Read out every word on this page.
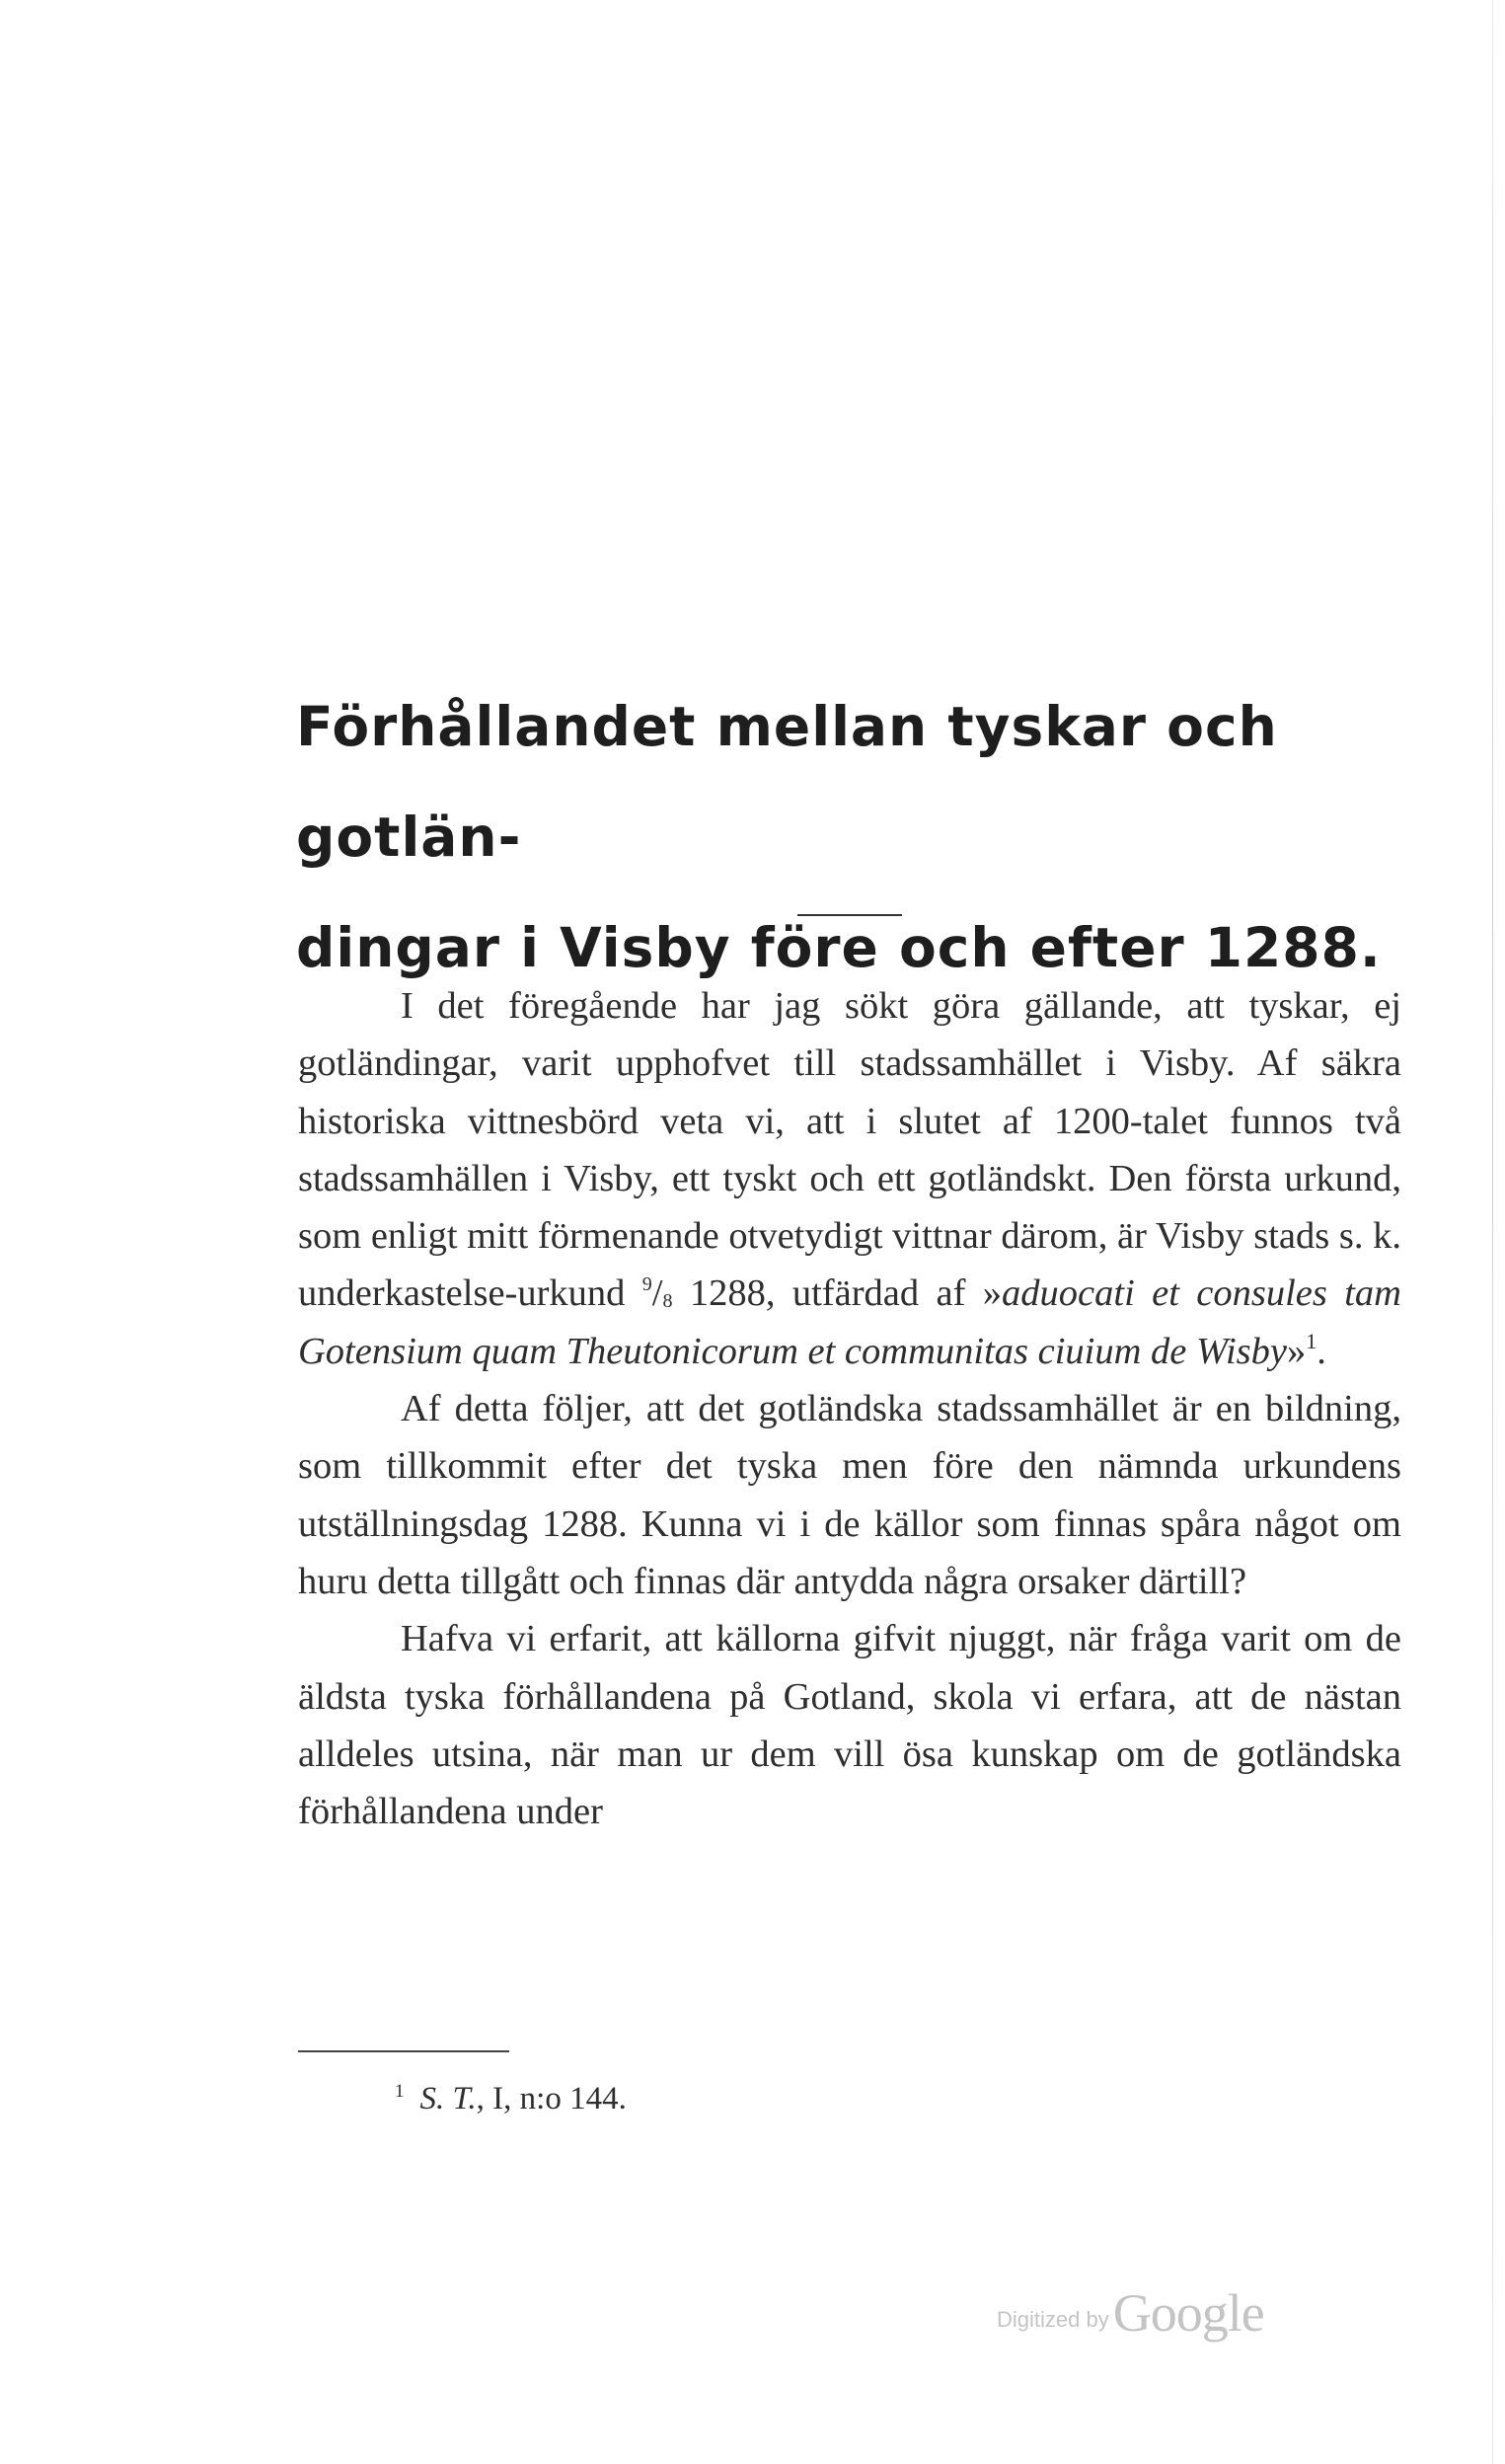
Förhållandet mellan tyskar och gotlän-
dingar i Visby före och efter 1288.

I det föregående har jag sökt göra gällande, att tyskar, ej gotländingar, varit upphofvet till stadssamhället i Visby. Af säkra historiska vittnesbörd veta vi, att i slutet af 1200-talet funnos två stadssamhällen i Visby, ett tyskt och ett gotländskt. Den första urkund, som enligt mitt förmenande otvetydigt vittnar därom, är Visby stads s. k. underkastelse-urkund $^9/_8$ 1288, utfärdad af »aduocati et consules tam Gotensium quam Theutonicorum et communitas ciuium de Wisby»$^1$.

Af detta följer, att det gotländska stadssamhället är en bildning, som tillkommit efter det tyska men före den nämnda urkundens utställningsdag 1288. Kunna vi i de källor som finnas spåra något om huru detta tillgått och finnas där antydda några orsaker därtill?

Hafva vi erfarit, att källorna gifvit njuggt, när fråga varit om de äldsta tyska förhållandena på Gotland, skola vi erfara, att de nästan alldeles utsina, när man ur dem vill ösa kunskap om de gotländska förhållandena under

$^1$ S. T., I, n:o 144.
Digitized by Google
